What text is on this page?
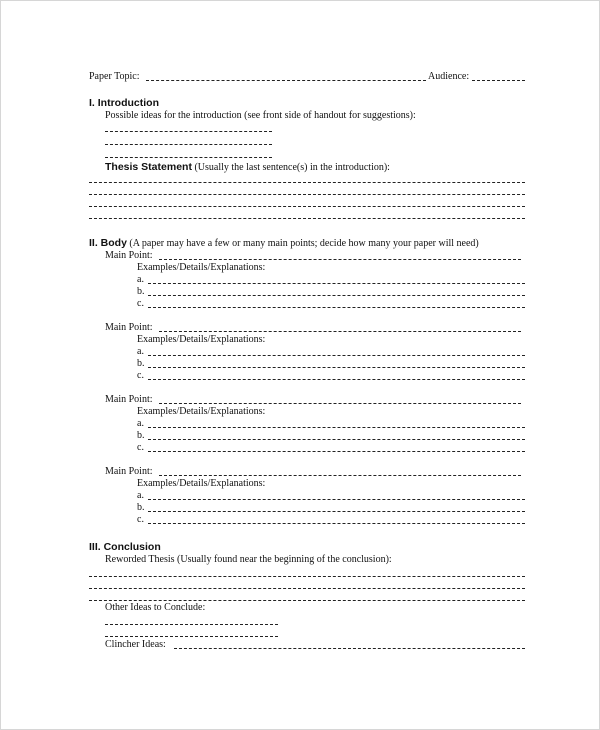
Paper Topic:	Audience:
I. Introduction
Possible ideas for the introduction (see front side of handout for suggestions):
Thesis Statement (Usually the last sentence(s) in the introduction):
II. Body (A paper may have a few or many main points; decide how many your paper will need)
Main Point:
Examples/Details/Explanations:
a.
b.
c.
Main Point:
Examples/Details/Explanations:
a.
b.
c.
Main Point:
Examples/Details/Explanations:
a.
b.
c.
Main Point:
Examples/Details/Explanations:
a.
b.
c.
III. Conclusion
Reworded Thesis (Usually found near the beginning of the conclusion):
Other Ideas to Conclude:
Clincher Ideas:
